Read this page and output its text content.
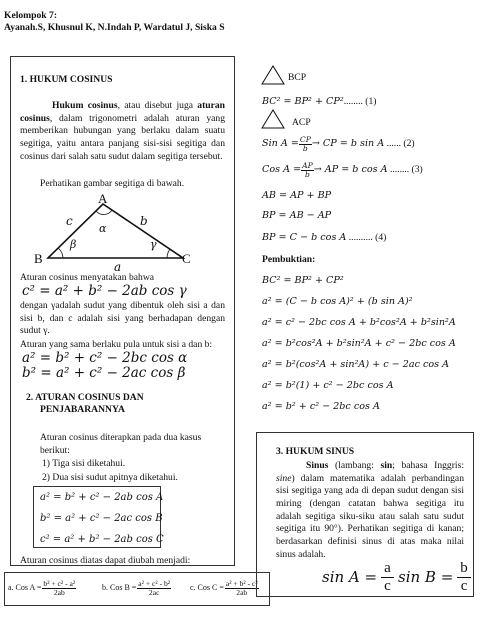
Kelompok 7:
Ayanah.S, Khusnul K, N.Indah P, Wardatul J, Siska S
1. HUKUM COSINUS
Hukum cosinus, atau disebut juga aturan cosinus, dalam trigonometri adalah aturan yang memberikan hubungan yang berlaku dalam suatu segitiga, yaitu antara panjang sisi-sisi segitiga dan cosinus dari salah satu sudut dalam segitiga tersebut.
Perhatikan gambar segitiga di bawah.
A
B	C
c	b
a
α
β	γ
Aturan cosinus menyatakan bahwa
c² = a² + b² − 2ab cos γ
dengan γadalah sudut yang dibentuk oleh sisi a dan sisi b, dan c adalah sisi yang berhadapan dengan sudut γ.
Aturan yang sama berlaku pula untuk sisi a dan b:
a² = b² + c² − 2bc cos α
b² = a² + c² − 2ac cos β
2. ATURAN COSINUS DAN
PENJABARANNYA
Aturan cosinus diterapkan pada dua kasus berikut:
1) Tiga sisi diketahui.
2) Dua sisi sudut apitnya diketahui.
a² = b² + c² − 2ab cos A
b² = a² + c² − 2ac cos B
c² = a² + b² − 2ab cos C
Aturan cosinus diatas dapat diubah menjadi:
a. Cos $A = \frac{\text{b² + c² - a²}}{2ab}$	b. Cos $B = \frac{\text{a² + c² - b²}}{2ac} c$. Cos $C = \frac{\text{a² + b² - c²}}{2ab}$
BCP
BC² = BP² + CP²........ (1)
ACP
Sin $A = \frac{CP}{b}$ → CP = b sin A
...... (2)
Cos $A = \frac{AP}{b}$ → AP = b cos A
........ (3)
AB = AP + BP
BP = AB − AP
BP = C − b cos A .......... (4)
Pembuktian:
BC² = BP² + CP²
a² = (C − b cos A)² + (b sin A)²
a² = c² − 2bc cos A + b²cos²A + b²sin²A
a² = b²cos²A + b²sin²A + c² − 2bc cos A
a² = b²(cos²A + sin²A) + c − 2ac cos A
a² = b²(1) + c² − 2bc cos A
a² = b² + c² − 2bc cos A
3. HUKUM SINUS
Sinus (lambang: sin; bahasa Inggris: sine) dalam matematika adalah perbandingan sisi segitiga yang ada di depan sudut dengan sisi miring (dengan catatan bahwa segitiga itu adalah segitiga siku-siku atau salah satu sudut segitiga itu 90°). Perhatikan segitiga di kanan; berdasarkan definisi sinus di atas maka nilai sinus adalah.
$\sin A = \frac{a}{c}$ $\sin B = \frac{b}{c}$
